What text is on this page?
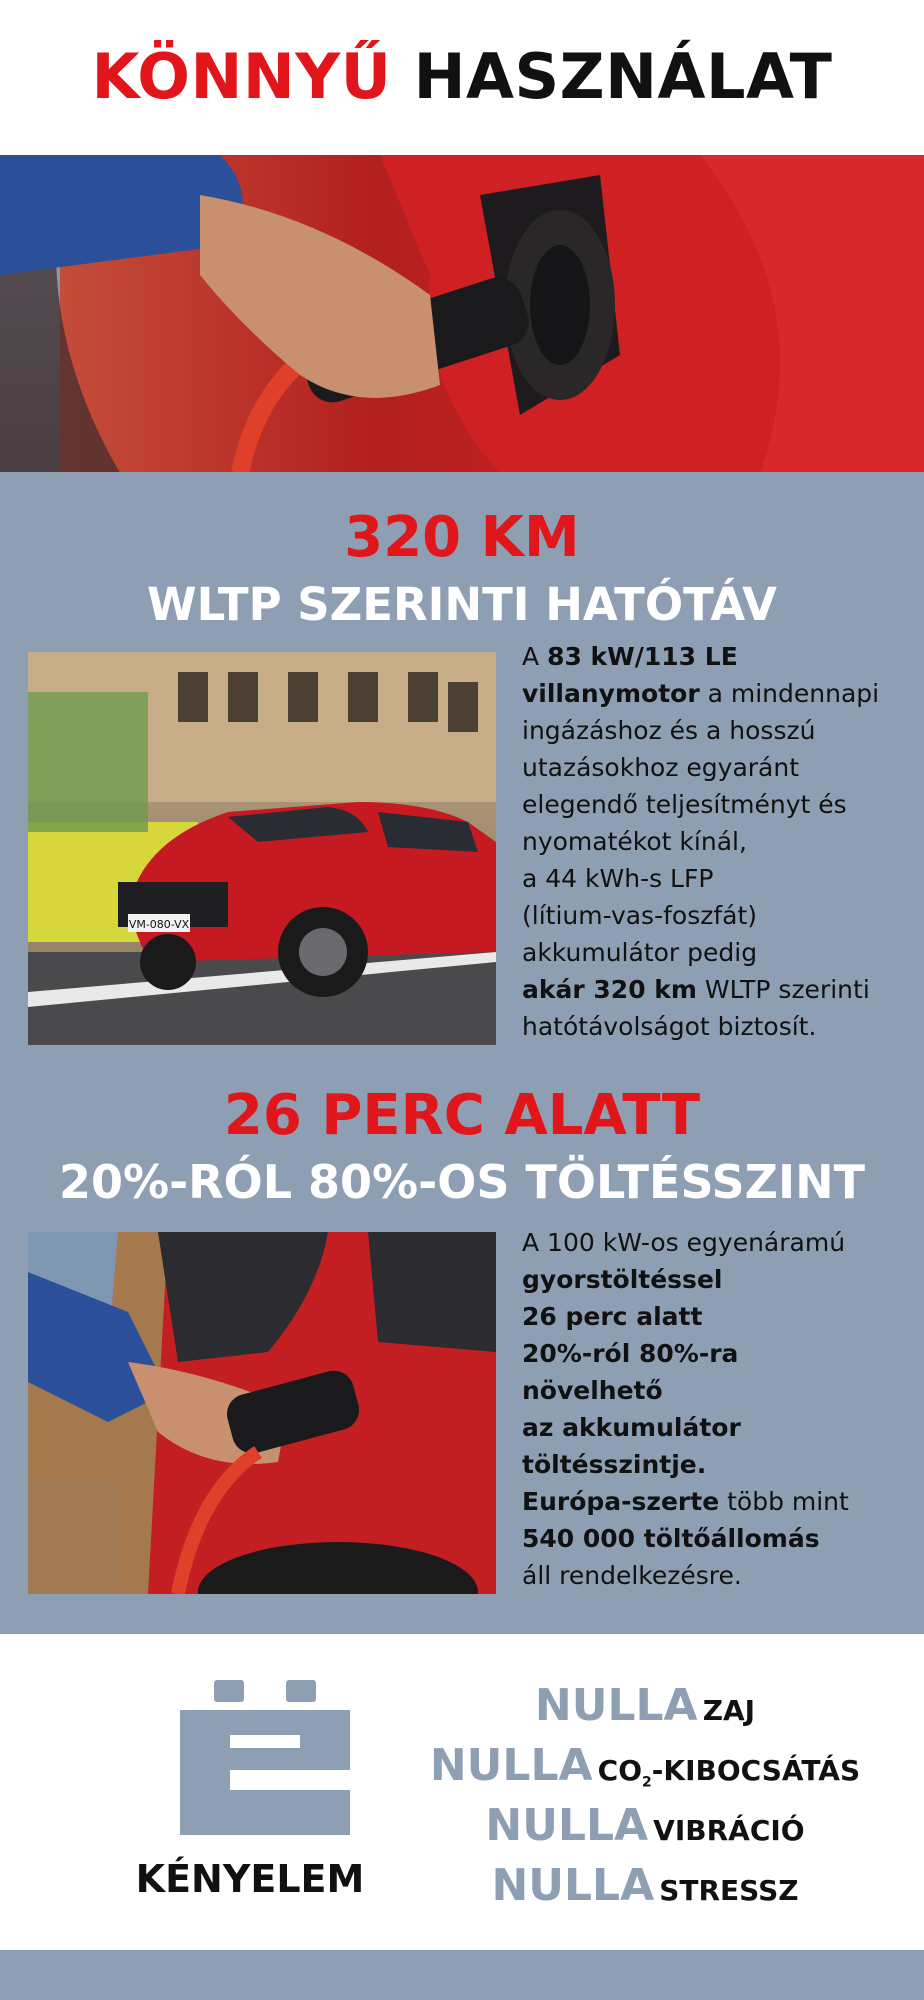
KÖNNYŰ HASZNÁLAT
320 KM
WLTP SZERINTI HATÓTÁV
VM-080-VX
A 83 kW/113 LE
villanymotor a mindennapi
ingázáshoz és a hosszú
utazásokhoz egyaránt
elegendő teljesítményt és
nyomatékot kínál,
a 44 kWh-s LFP
(lítium-vas-foszfát)
akkumulátor pedig
akár 320 km WLTP szerinti
hatótávolságot biztosít.
26 PERC ALATT
20%-RÓL 80%-OS TÖLTÉSSZINT
A 100 kW-os egyenáramú
gyorstöltéssel
26 perc alatt
20%-ról 80%-ra
növelhető
az akkumulátor
töltésszintje.
Európa-szerte több mint
540 000 töltőállomás
áll rendelkezésre.
KÉNYELEM
NULLA ZAJ
NULLA $CO_2$-KIBOCSÁTÁS
NULLA VIBRÁCIÓ
NULLA STRESSZ
